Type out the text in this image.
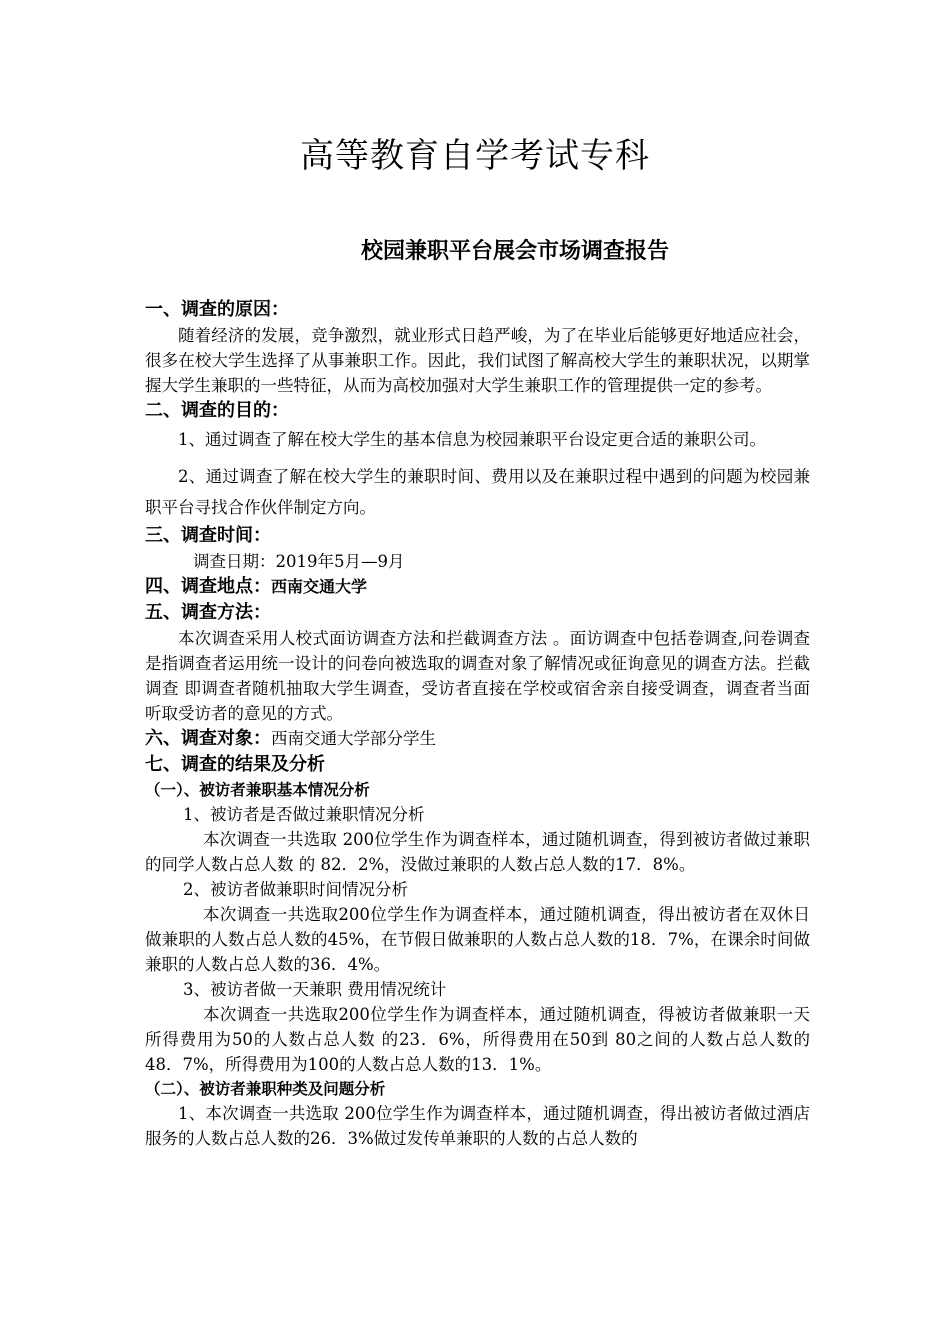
高等教育自学考试专科
校园兼职平台展会市场调查报告
一、调查的原因：

随着经济的发展，竞争激烈，就业形式日趋严峻，为了在毕业后能够更好地适应社会，很多在校大学生选择了从事兼职工作。因此，我们试图了解高校大学生的兼职状况，以期掌握大学生兼职的一些特征，从而为高校加强对大学生兼职工作的管理提供一定的参考。

二、调查的目的：

1、通过调查了解在校大学生的基本信息为校园兼职平台设定更合适的兼职公司。

2、通过调查了解在校大学生的兼职时间、费用以及在兼职过程中遇到的问题为校园兼职平台寻找合作伙伴制定方向。

三、调查时间：

调查日期：2019年5月—9月

四、调查地点：西南交通大学
五、调查方法：

本次调查采用人校式面访调查方法和拦截调查方法 。面访调查中包括卷调查,问卷调查是指调查者运用统一设计的问卷向被选取的调查对象了解情况或征询意见的调查方法。拦截调查 即调查者随机抽取大学生调查，受访者直接在学校或宿舍亲自接受调查，调查者当面听取受访者的意见的方式。

六、调查对象：西南交通大学部分学生
七、调查的结果及分析
（一）、被访者兼职基本情况分析

1、被访者是否做过兼职情况分析

本次调查一共选取 200位学生作为调查样本，通过随机调查，得到被访者做过兼职的同学人数占总人数 的 82．2%，没做过兼职的人数占总人数的17．8%。

2、被访者做兼职时间情况分析

本次调查一共选取200位学生作为调查样本，通过随机调查，得出被访者在双休日做兼职的人数占总人数的45%，在节假日做兼职的人数占总人数的18．7%，在课余时间做兼职的人数占总人数的36．4%。

3、被访者做一天兼职 费用情况统计

本次调查一共选取200位学生作为调查样本，通过随机调查，得被访者做兼职一天所得费用为50的人数占总人数 的23．6%，所得费用在50到 80之间的人数占总人数的48．7%，所得费用为100的人数占总人数的13．1%。

（二）、被访者兼职种类及问题分析

1、本次调查一共选取 200位学生作为调查样本，通过随机调查，得出被访者做过酒店服务的人数占总人数的26．3%做过发传单兼职的人数的占总人数的
